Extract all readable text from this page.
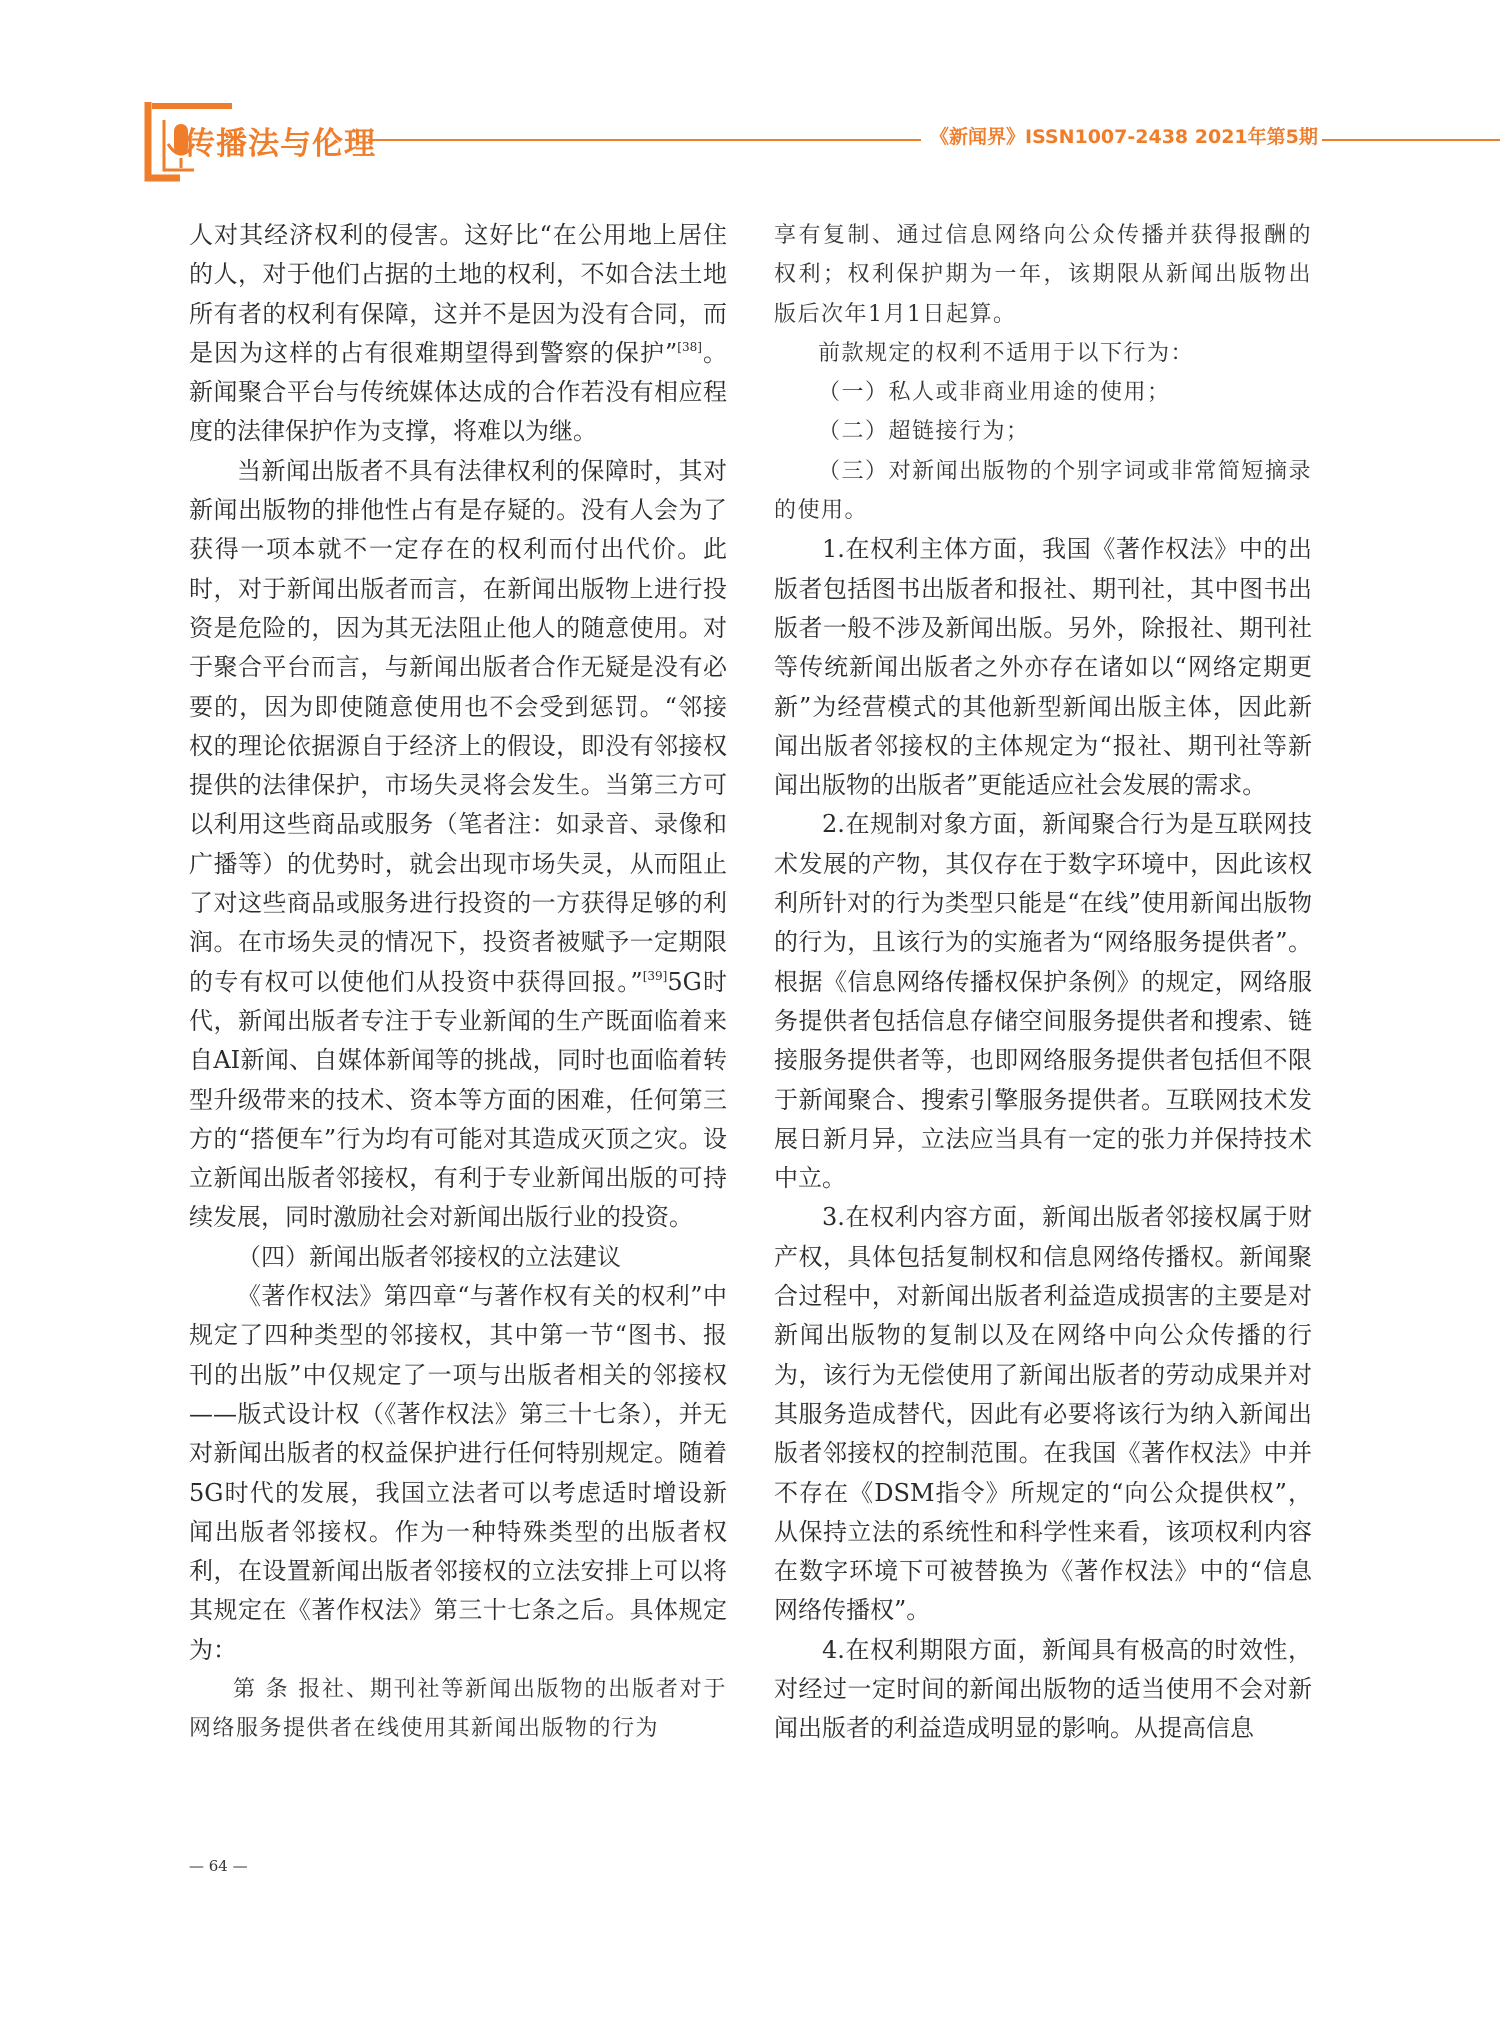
传播法与伦理	《新闻界》ISSN1007-2438 2021年第5期

人对其经济权利的侵害。这好比“在公用地上居住的人，对于他们占据的土地的权利，不如合法土地所有者的权利有保障，这并不是因为没有合同，而是因为这样的占有很难期望得到警察的保护”[38]。新闻聚合平台与传统媒体达成的合作若没有相应程度的法律保护作为支撑，将难以为继。

当新闻出版者不具有法律权利的保障时，其对新闻出版物的排他性占有是存疑的。没有人会为了获得一项本就不一定存在的权利而付出代价。此时，对于新闻出版者而言，在新闻出版物上进行投资是危险的，因为其无法阻止他人的随意使用。对于聚合平台而言，与新闻出版者合作无疑是没有必要的，因为即使随意使用也不会受到惩罚。“邻接权的理论依据源自于经济上的假设，即没有邻接权提供的法律保护，市场失灵将会发生。当第三方可以利用这些商品或服务（笔者注：如录音、录像和广播等）的优势时，就会出现市场失灵，从而阻止了对这些商品或服务进行投资的一方获得足够的利润。在市场失灵的情况下，投资者被赋予一定期限的专有权可以使他们从投资中获得回报。”[39]5G时代，新闻出版者专注于专业新闻的生产既面临着来自AI新闻、自媒体新闻等的挑战，同时也面临着转型升级带来的技术、资本等方面的困难，任何第三方的“搭便车”行为均有可能对其造成灭顶之灾。设立新闻出版者邻接权，有利于专业新闻出版的可持续发展，同时激励社会对新闻出版行业的投资。

（四）新闻出版者邻接权的立法建议

《著作权法》第四章“与著作权有关的权利”中规定了四种类型的邻接权，其中第一节“图书、报刊的出版”中仅规定了一项与出版者相关的邻接权——版式设计权（《著作权法》第三十七条），并无对新闻出版者的权益保护进行任何特别规定。随着5G时代的发展，我国立法者可以考虑适时增设新闻出版者邻接权。作为一种特殊类型的出版者权利，在设置新闻出版者邻接权的立法安排上可以将其规定在《著作权法》第三十七条之后。具体规定为：

第 条 报社、期刊社等新闻出版物的出版者对于网络服务提供者在线使用其新闻出版物的行为

享有复制、通过信息网络向公众传播并获得报酬的权利；权利保护期为一年，该期限从新闻出版物出版后次年1月1日起算。

前款规定的权利不适用于以下行为：

（一）私人或非商业用途的使用；

（二）超链接行为；

（三）对新闻出版物的个别字词或非常简短摘录的使用。

1.在权利主体方面，我国《著作权法》中的出版者包括图书出版者和报社、期刊社，其中图书出版者一般不涉及新闻出版。另外，除报社、期刊社等传统新闻出版者之外亦存在诸如以“网络定期更新”为经营模式的其他新型新闻出版主体，因此新闻出版者邻接权的主体规定为“报社、期刊社等新闻出版物的出版者”更能适应社会发展的需求。

2.在规制对象方面，新闻聚合行为是互联网技术发展的产物，其仅存在于数字环境中，因此该权利所针对的行为类型只能是“在线”使用新闻出版物的行为，且该行为的实施者为“网络服务提供者”。根据《信息网络传播权保护条例》的规定，网络服务提供者包括信息存储空间服务提供者和搜索、链接服务提供者等，也即网络服务提供者包括但不限于新闻聚合、搜索引擎服务提供者。互联网技术发展日新月异，立法应当具有一定的张力并保持技术中立。

3.在权利内容方面，新闻出版者邻接权属于财产权，具体包括复制权和信息网络传播权。新闻聚合过程中，对新闻出版者利益造成损害的主要是对新闻出版物的复制以及在网络中向公众传播的行为，该行为无偿使用了新闻出版者的劳动成果并对其服务造成替代，因此有必要将该行为纳入新闻出版者邻接权的控制范围。在我国《著作权法》中并不存在《DSM指令》所规定的“向公众提供权”，从保持立法的系统性和科学性来看，该项权利内容在数字环境下可被替换为《著作权法》中的“信息网络传播权”。

4.在权利期限方面，新闻具有极高的时效性，对经过一定时间的新闻出版物的适当使用不会对新闻出版者的利益造成明显的影响。从提高信息

— 64 —
